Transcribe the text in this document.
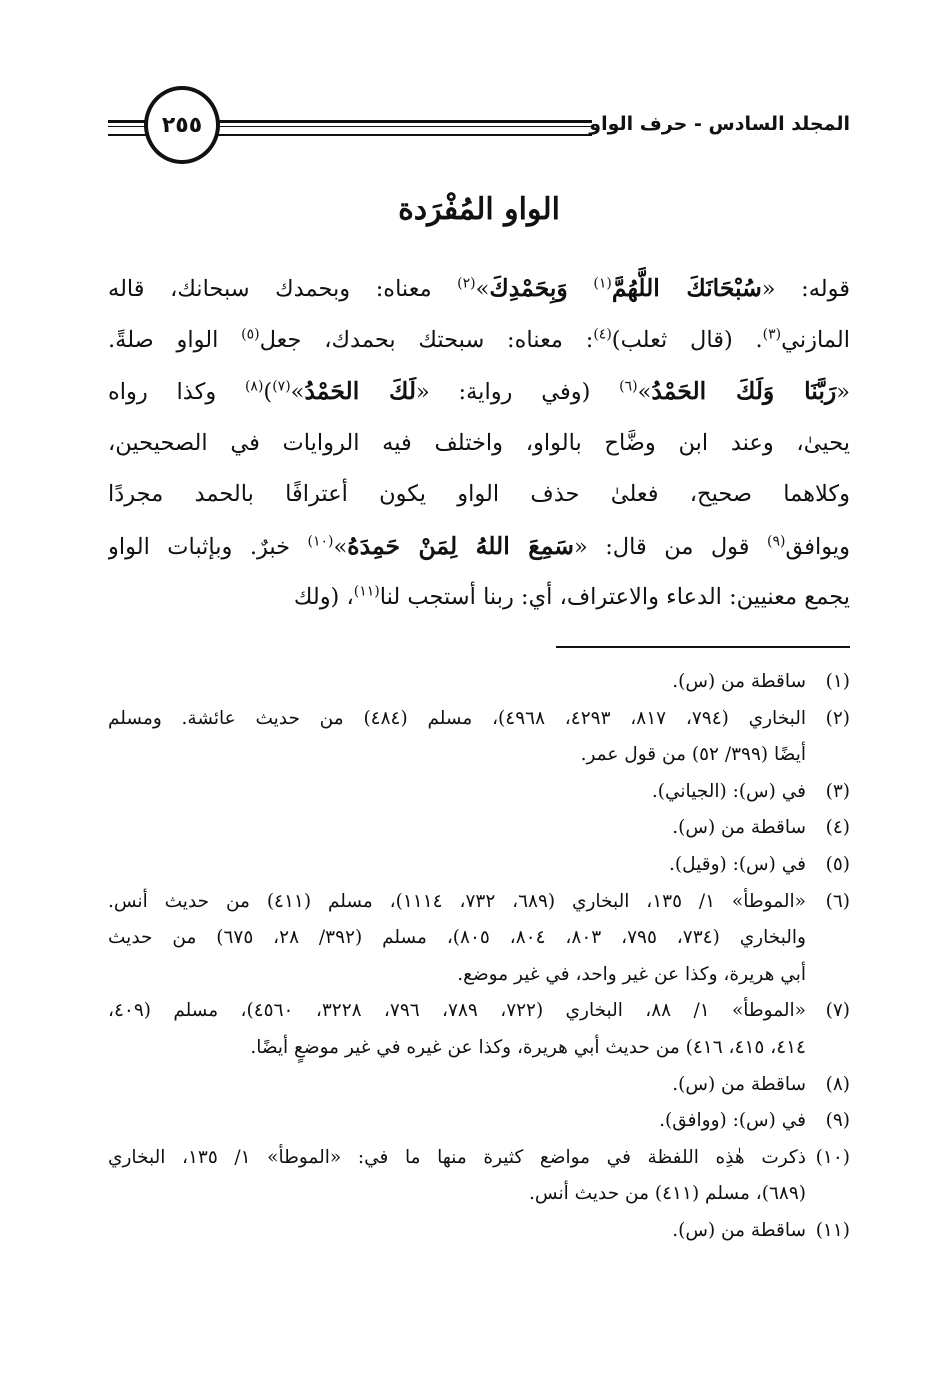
المجلد السادس - حرف الواو
٢٥٥
الواو المُفْرَدة
قوله: «سُبْحَانَكَ اللَّهُمَّ$^{(١)}$ وَبِحَمْدِكَ»$^{(٢)}$ معناه: وبحمدك سبحانك، قاله
المازني$^{(٣)}$. (قال ثعلب)$^{(٤)}$: معناه: سبحتك بحمدك، جعل$^{(٥)}$ الواو صلةً.
«رَبَّنَا وَلَكَ الحَمْدُ»$^{(٦)}$ (وفي رواية: «لَكَ الحَمْدُ»$^{(٧)}$)$^{(٨)}$ وكذا رواه
يحيىٰ، وعند ابن وضَّاح بالواو، واختلف فيه الروايات في الصحيحين،
وكلاهما صحيح، فعلىٰ حذف الواو يكون أعترافًا بالحمد مجردًا
ويوافق$^{(٩)}$ قول من قال: «سَمِعَ اللهُ لِمَنْ حَمِدَهُ»$^{(١٠)}$ خبرٌ. وبإثبات الواو
يجمع معنيين: الدعاء والاعتراف، أي: ربنا أستجب لنا$^{(١١)}$، (ولك
(١)ساقطة من (س).
(٢)البخاري (٧٩٤، ٨١٧، ٤٢٩٣، ٤٩٦٨)، مسلم (٤٨٤) من حديث عائشة. ومسلم
أيضًا (٣٩٩/ ٥٢) من قول عمر.
(٣)في (س): (الجياني).
(٤)ساقطة من (س).
(٥)في (س): (وقيل).
(٦)«الموطأ» ١/ ١٣٥، البخاري (٦٨٩، ٧٣٢، ١١١٤)، مسلم (٤١١) من حديث أنس.
والبخاري (٧٣٤، ٧٩٥، ٨٠٣، ٨٠٤، ٨٠٥)، مسلم (٣٩٢/ ٢٨، ٦٧٥) من حديث
أبي هريرة، وكذا عن غير واحد، في غير موضع.
(٧)«الموطأ» ١/ ٨٨، البخاري (٧٢٢، ٧٨٩، ٧٩٦، ٣٢٢٨، ٤٥٦٠)، مسلم (٤٠٩،
٤١٤، ٤١٥، ٤١٦) من حديث أبي هريرة، وكذا عن غيره في غير موضعٍ أيضًا.
(٨)ساقطة من (س).
(٩)في (س): (ووافق).
(١٠)ذكرت هٰذِه اللفظة في مواضع كثيرة منها ما في: «الموطأ» ١/ ١٣٥، البخاري
(٦٨٩)، مسلم (٤١١) من حديث أنس.
(١١)ساقطة من (س).
